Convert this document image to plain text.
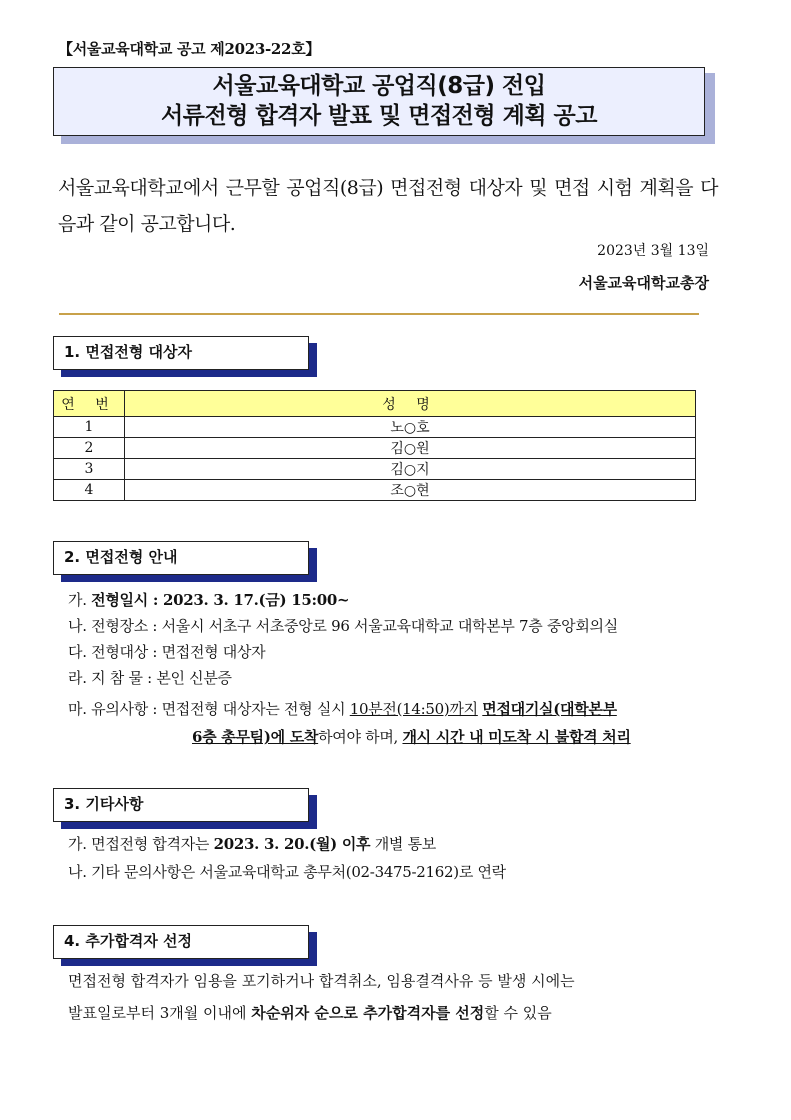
【서울교육대학교 공고 제2023-22호】
서울교육대학교 공업직(8급) 전입
서류전형 합격자 발표 및 면접전형 계획 공고
서울교육대학교에서 근무할 공업직(8급) 면접전형 대상자 및 면접 시험 계획을 다음과 같이 공고합니다.
2023년 3월 13일
서울교육대학교총장
1. 면접전형 대상자
연 번	성 명
1	노○호
2	김○원
3	김○지
4	조○현
2. 면접전형 안내
가. 전형일시 : 2023. 3. 17.(금) 15:00~
나. 전형장소 : 서울시 서초구 서초중앙로 96 서울교육대학교 대학본부 7층 중앙회의실
다. 전형대상 : 면접전형 대상자
라. 지 참 물 : 본인 신분증
마. 유의사항 : 면접전형 대상자는 전형 실시 10분전(14:50)까지 면접대기실(대학본부
6층 총무팀)에 도착하여야 하며, 개시 시간 내 미도착 시 불합격 처리
3. 기타사항
가. 면접전형 합격자는 2023. 3. 20.(월) 이후 개별 통보
나. 기타 문의사항은 서울교육대학교 총무처(02-3475-2162)로 연락
4. 추가합격자 선정
면접전형 합격자가 임용을 포기하거나 합격취소, 임용결격사유 등 발생 시에는
발표일로부터 3개월 이내에 차순위자 순으로 추가합격자를 선정할 수 있음
